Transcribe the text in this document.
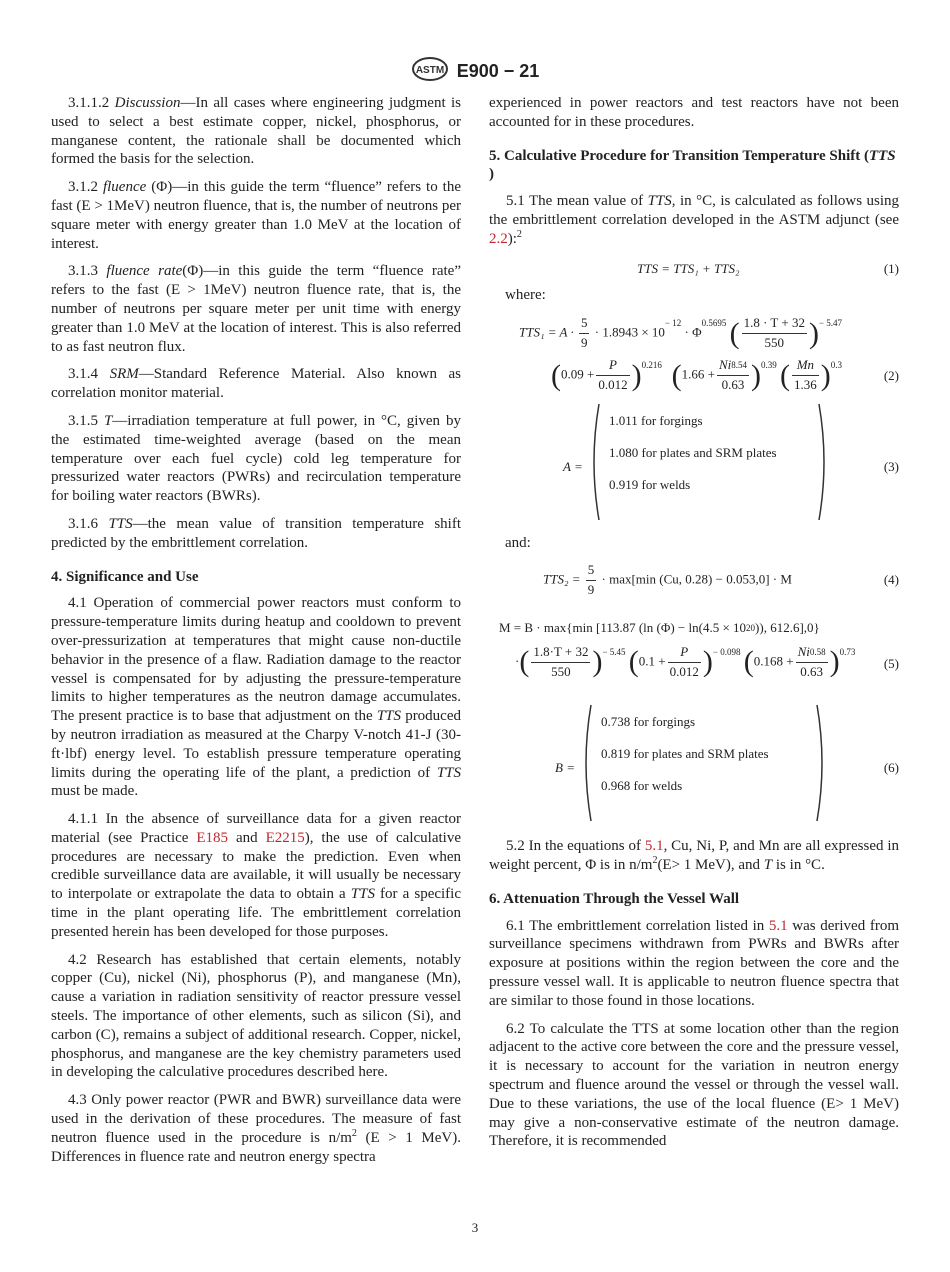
ASTM E900 − 21

3.1.1.2 Discussion—In all cases where engineering judgment is used to select a best estimate copper, nickel, phosphorus, or manganese content, the rationale shall be documented which formed the basis for the selection.

3.1.2 fluence (Φ)—in this guide the term “fluence” refers to the fast (E > 1MeV) neutron fluence, that is, the number of neutrons per square meter with energy greater than 1.0 MeV at the location of interest.

3.1.3 fluence rate(Φ)—in this guide the term “fluence rate” refers to the fast (E > 1MeV) neutron fluence rate, that is, the number of neutrons per square meter per unit time with energy greater than 1.0 MeV at the location of interest. This is also referred to as fast neutron flux.

3.1.4 SRM—Standard Reference Material. Also known as correlation monitor material.

3.1.5 T—irradiation temperature at full power, in °C, given by the estimated time-weighted average (based on the mean temperature over each fuel cycle) cold leg temperature for pressurized water reactors (PWRs) and recirculation temperature for boiling water reactors (BWRs).

3.1.6 TTS—the mean value of transition temperature shift predicted by the embrittlement correlation.

4. Significance and Use

4.1 Operation of commercial power reactors must conform to pressure-temperature limits during heatup and cooldown to prevent over-pressurization at temperatures that might cause non-ductile behavior in the presence of a flaw. Radiation damage to the reactor vessel is compensated for by adjusting the pressure-temperature limits to higher temperatures as the neutron damage accumulates. The present practice is to base that adjustment on the TTS produced by neutron irradiation as measured at the Charpy V-notch 41-J (30-ft·lbf) energy level. To establish pressure temperature operating limits during the operating life of the plant, a prediction of TTS must be made.

4.1.1 In the absence of surveillance data for a given reactor material (see Practice E185 and E2215), the use of calculative procedures are necessary to make the prediction. Even when credible surveillance data are available, it will usually be necessary to interpolate or extrapolate the data to obtain a TTS for a specific time in the plant operating life. The embrittlement correlation presented herein has been developed for those purposes.

4.2 Research has established that certain elements, notably copper (Cu), nickel (Ni), phosphorus (P), and manganese (Mn), cause a variation in radiation sensitivity of reactor pressure vessel steels. The importance of other elements, such as silicon (Si), and carbon (C), remains a subject of additional research. Copper, nickel, phosphorus, and manganese are the key chemistry parameters used in developing the calculative procedures described here.

4.3 Only power reactor (PWR and BWR) surveillance data were used in the derivation of these procedures. The measure of fast neutron fluence used in the procedure is $n/m^2$ (E > 1 MeV). Differences in fluence rate and neutron energy spectra

experienced in power reactors and test reactors have not been accounted for in these procedures.

5. Calculative Procedure for Transition Temperature Shift (TTS )

5.1 The mean value of TTS, in °C, is calculated as follows using the embrittlement correlation developed in the ASTM adjunct (see 2.2):$^2$

TTS = TTS₁ + TTS₂	(1)
where:
$TTS_1 = A \cdot \frac{5}{9} \cdot 1.8943 \times 10^{- 12} \cdot \Phi^{0.5695}$ ( $\frac{1.8 \cdot T + 32}{550} )^{- 5.47}$
$(0.09 + \frac{P}{0.012} )^{0.216}$ $(1.66 + \frac{Ni^{8.54}}{0.63} )^{0.39}$ ( $\frac{Mn}{1.36} )^{0.3}$
(2)
A =
1.011 for forgings
1.080 for plates and SRM plates
0.919 for welds
(3)
and:
$TTS_2 = \frac{5}{9} \cdot \max[\min$ (Cu, 0.28) − 0.053,0] · M	(4)
M = B · max{min [113.87 (ln $(\Phi) - \ln(4.5 \times 10^{20})$), 612.6],0}
·( $\frac{1.8\cdot T + 32}{550} )^{- 5.45}$ $(0.1 + \frac{P}{0.012} )^{- 0.098}$ $(0.168 + \frac{Ni^{0.58}}{0.63} )^{0.73}$
(5)
B =
0.738 for forgings
0.819 for plates and SRM plates
0.968 for welds
(6)

5.2 In the equations of 5.1, Cu, Ni, P, and Mn are all expressed in weight percent, Φ is in $n/m^2(E> 1$ MeV), and T is in °C.

6. Attenuation Through the Vessel Wall

6.1 The embrittlement correlation listed in 5.1 was derived from surveillance specimens withdrawn from PWRs and BWRs after exposure at positions within the region between the core and the pressure vessel wall. It is applicable to neutron fluence spectra that are similar to those found in those locations.

6.2 To calculate the TTS at some location other than the region adjacent to the active core between the core and the pressure vessel, it is necessary to account for the variation in neutron energy spectrum and fluence around the vessel or through the vessel wall. Due to these variations, the use of the local fluence (E> 1 MeV) may give a non-conservative estimate of the neutron damage. Therefore, it is recommended

3
